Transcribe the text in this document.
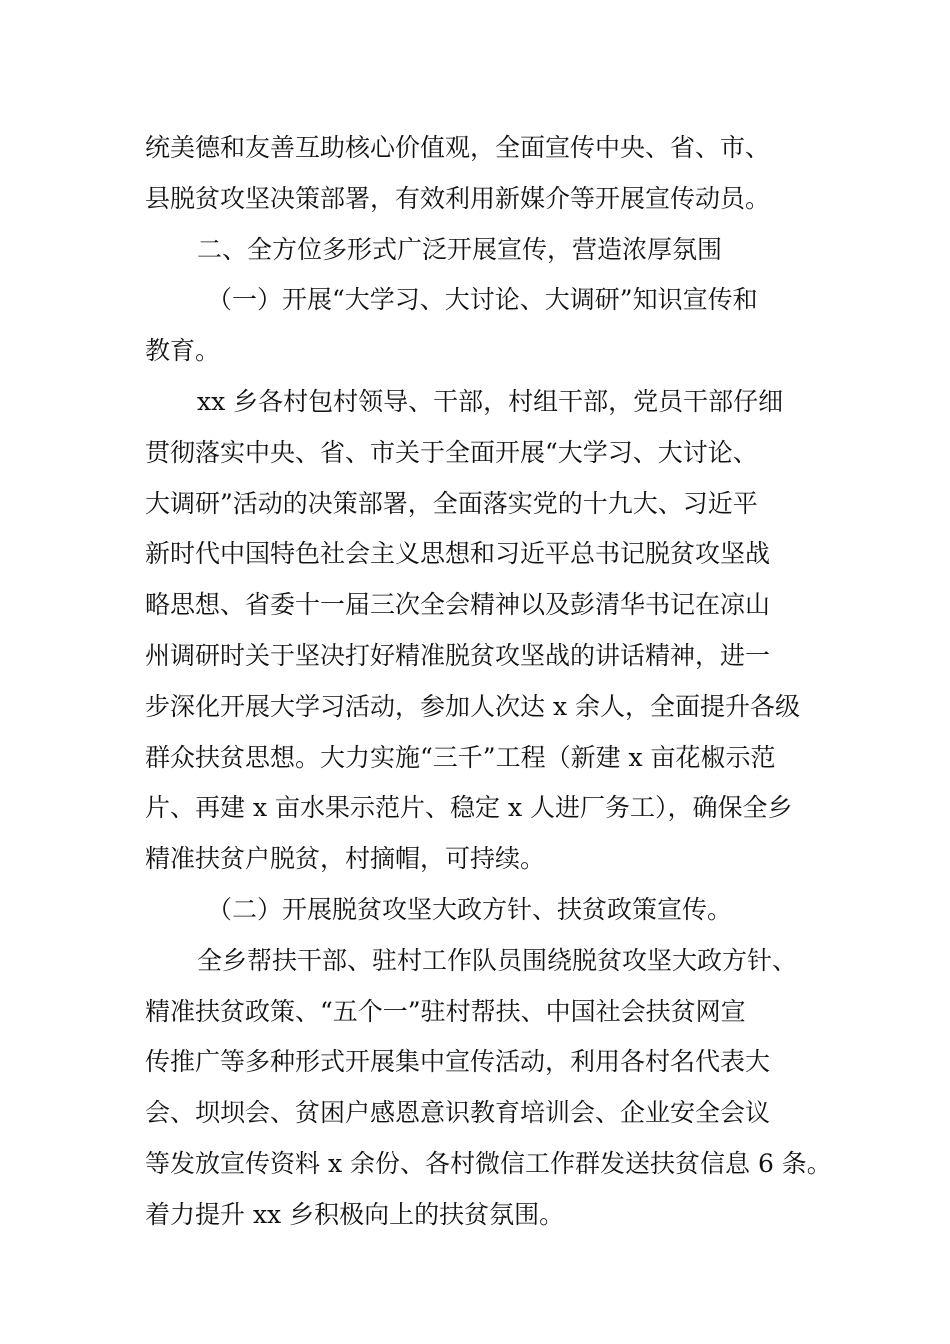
统美德和友善互助核心价值观，全面宣传中央、省、市、
县脱贫攻坚决策部署，有效利用新媒介等开展宣传动员。
二、全方位多形式广泛开展宣传，营造浓厚氛围
（一）开展“大学习、大讨论、大调研”知识宣传和
教育。
xx 乡各村包村领导、干部，村组干部，党员干部仔细
贯彻落实中央、省、市关于全面开展“大学习、大讨论、
大调研”活动的决策部署，全面落实党的十九大、习近平
新时代中国特色社会主义思想和习近平总书记脱贫攻坚战
略思想、省委十一届三次全会精神以及彭清华书记在凉山
州调研时关于坚决打好精准脱贫攻坚战的讲话精神，进一
步深化开展大学习活动，参加人次达 x 余人，全面提升各级
群众扶贫思想。大力实施“三千”工程（新建 x 亩花椒示范
片、再建 x 亩水果示范片、稳定 x 人进厂务工），确保全乡
精准扶贫户脱贫，村摘帽，可持续。
（二）开展脱贫攻坚大政方针、扶贫政策宣传。
全乡帮扶干部、驻村工作队员围绕脱贫攻坚大政方针、
精准扶贫政策、“五个一”驻村帮扶、中国社会扶贫网宣
传推广等多种形式开展集中宣传活动，利用各村名代表大
会、坝坝会、贫困户感恩意识教育培训会、企业安全会议
等发放宣传资料 x 余份、各村微信工作群发送扶贫信息 6 条。
着力提升 xx 乡积极向上的扶贫氛围。
